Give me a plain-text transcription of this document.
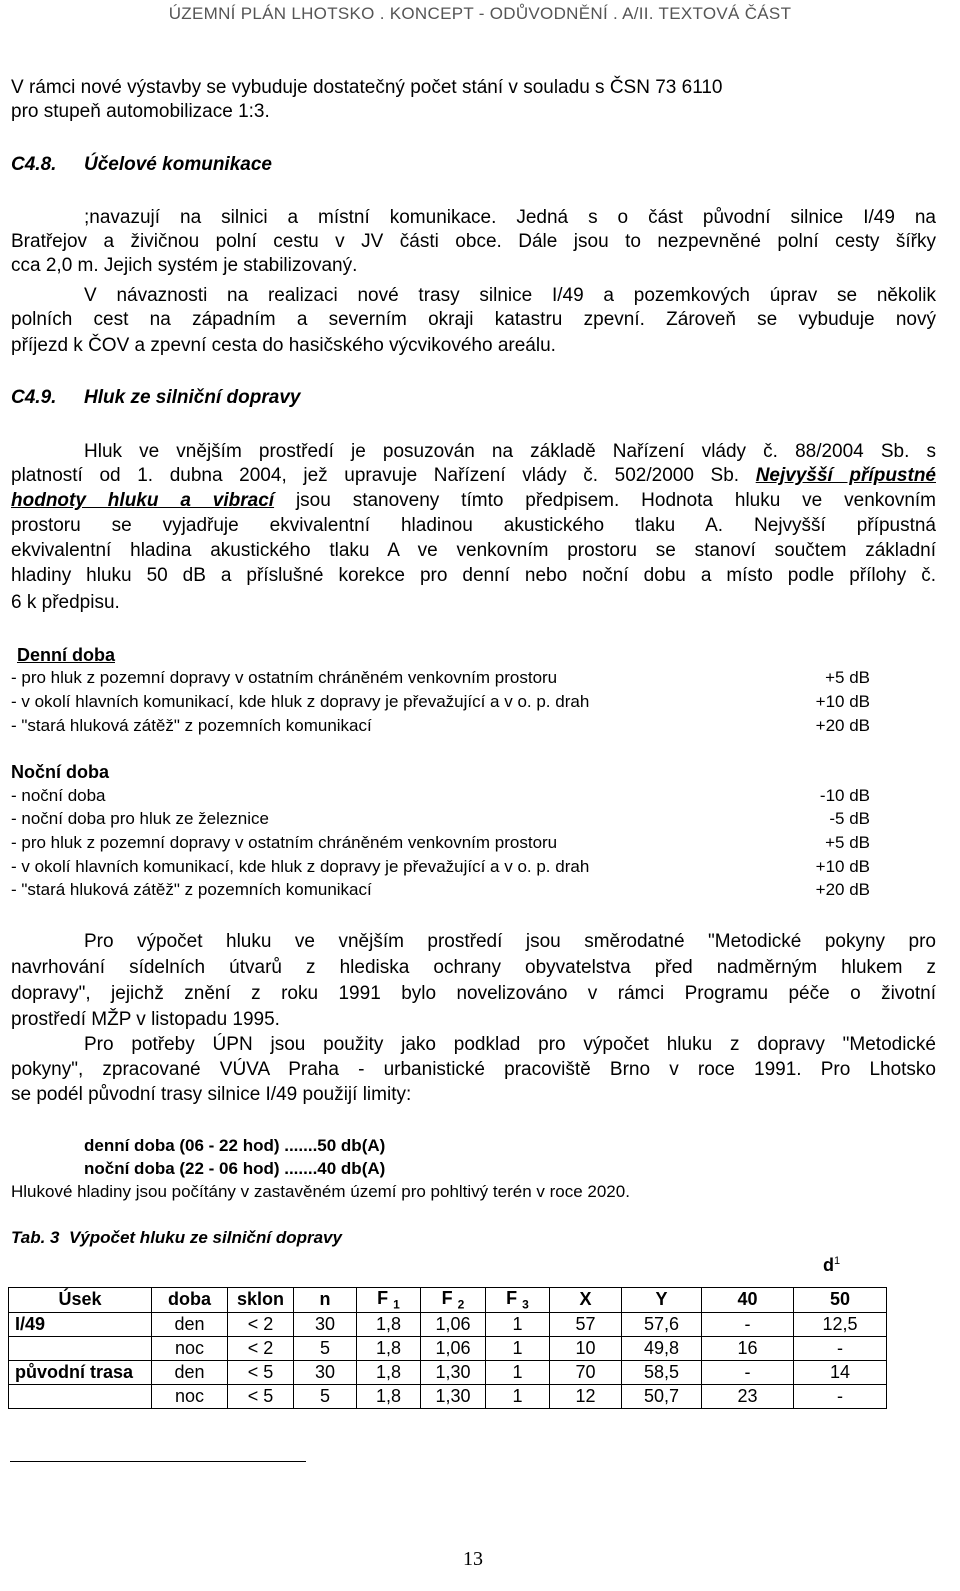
ÚZEMNÍ PLÁN LHOTSKO . KONCEPT - ODŮVODNĚNÍ . A/II. TEXTOVÁ ČÁST
V rámci nové výstavby se vybuduje dostatečný počet stání v souladu s ČSN 73 6110
pro stupeň automobilizace 1:3.
C4.8. Účelové komunikace
;navazují na silnici a místní komunikace. Jedná s o část původní silnice I/49 na
Bratřejov a živičnou polní cestu v JV části obce. Dále jsou to nezpevněné polní cesty šířky
cca 2,0 m. Jejich systém je stabilizovaný.
V návaznosti na realizaci nové trasy silnice I/49 a pozemkových úprav se několik
polních cest na západním a severním okraji katastru zpevní. Zároveň se vybuduje nový
příjezd k ČOV a zpevní cesta do hasičského výcvikového areálu.
C4.9. Hluk ze silniční dopravy
Hluk ve vnějším prostředí je posuzován na základě Nařízení vlády č. 88/2004 Sb. s
platností od 1. dubna 2004, jež upravuje Nařízení vlády č. 502/2000 Sb. Nejvyšší přípustné
hodnoty hluku a vibrací jsou stanoveny tímto předpisem. Hodnota hluku ve venkovním
prostoru se vyjadřuje ekvivalentní hladinou akustického tlaku A. Nejvyšší přípustná
ekvivalentní hladina akustického tlaku A ve venkovním prostoru se stanoví součtem základní
hladiny hluku 50 dB a příslušné korekce pro denní nebo noční dobu a místo podle přílohy č.
6 k předpisu.
Denní doba
- pro hluk z pozemní dopravy v ostatním chráněném venkovním prostoru	+5 dB
- v okolí hlavních komunikací, kde hluk z dopravy je převažující a v o. p. drah	+10 dB
- "stará hluková zátěž" z pozemních komunikací	+20 dB
Noční doba
- noční doba	-10 dB
- noční doba pro hluk ze železnice	-5 dB
- pro hluk z pozemní dopravy v ostatním chráněném venkovním prostoru	+5 dB
- v okolí hlavních komunikací, kde hluk z dopravy je převažující a v o. p. drah	+10 dB
- "stará hluková zátěž" z pozemních komunikací	+20 dB
Pro výpočet hluku ve vnějším prostředí jsou směrodatné "Metodické pokyny pro
navrhování sídelních útvarů z hlediska ochrany obyvatelstva před nadměrným hlukem z
dopravy", jejichž znění z roku 1991 bylo novelizováno v rámci Programu péče o životní
prostředí MŽP v listopadu 1995.
Pro potřeby ÚPN jsou použity jako podklad pro výpočet hluku z dopravy "Metodické
pokyny", zpracované VÚVA Praha - urbanistické pracoviště Brno v roce 1991. Pro Lhotsko
se podél původní trasy silnice I/49 použijí limity:
denní doba (06 - 22 hod) .......50 db(A)
noční doba (22 - 06 hod) .......40 db(A)
Hlukové hladiny jsou počítány v zastavěném území pro pohltivý terén v roce 2020.
Tab. 3 Výpočet hluku ze silniční dopravy
$d^1$
Úsek	doba	sklon	n	F $_1$	F $_2$	F $_3$	X	Y	40	50
I/49	den	< 2	30	1,8	1,06	1	57	57,6	-	12,5
	noc	< 2	5	1,8	1,06	1	10	49,8	16	-
původní trasa	den	< 5	30	1,8	1,30	1	70	58,5	-	14
	noc	< 5	5	1,8	1,30	1	12	50,7	23	-
13
